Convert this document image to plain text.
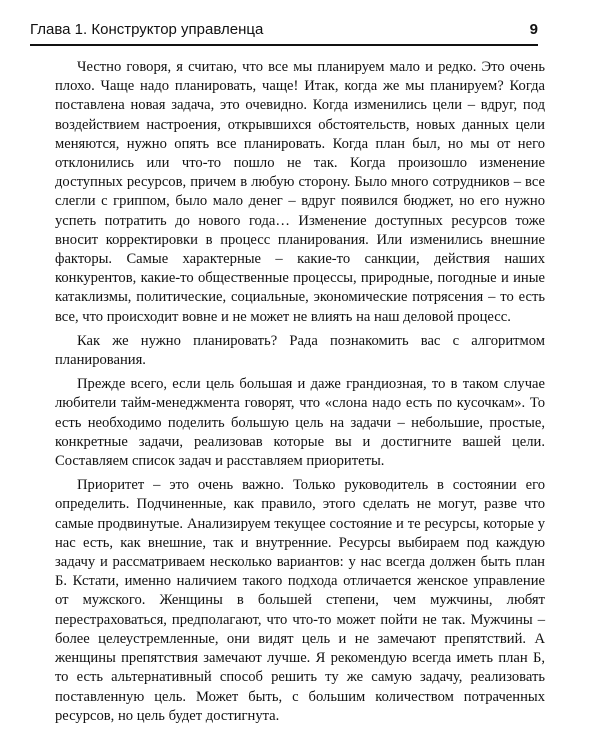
Глава 1. Конструктор управленца	9

Честно говоря, я считаю, что все мы планируем мало и редко. Это очень плохо. Чаще надо планировать, чаще! Итак, когда же мы планируем? Когда поставлена новая задача, это очевидно. Когда изменились цели – вдруг, под воздействием настроения, открывшихся обстоятельств, новых данных цели меняются, нужно опять все планировать. Когда план был, но мы от него отклонились или что-то пошло не так. Когда произошло изменение доступных ресурсов, причем в любую сторону. Было много сотрудников – все слегли с гриппом, было мало денег – вдруг появился бюджет, но его нужно успеть потратить до нового года… Изменение доступных ресурсов тоже вносит корректировки в процесс планирования. Или изменились внешние факторы. Самые характерные – какие-то санкции, действия наших конкурентов, какие-то общественные процессы, природные, погодные и иные катаклизмы, политические, социальные, экономические потрясения – то есть все, что происходит вовне и не может не влиять на наш деловой процесс.

Как же нужно планировать? Рада познакомить вас с алгоритмом планирования.

Прежде всего, если цель большая и даже грандиозная, то в таком случае любители тайм-менеджмента говорят, что «слона надо есть по кусочкам». То есть необходимо поделить большую цель на задачи – небольшие, простые, конкретные задачи, реализовав которые вы и достигните вашей цели. Составляем список задач и расставляем приоритеты.

Приоритет – это очень важно. Только руководитель в состоянии его определить. Подчиненные, как правило, этого сделать не могут, разве что самые продвинутые. Анализируем текущее состояние и те ресурсы, которые у нас есть, как внешние, так и внутренние. Ресурсы выбираем под каждую задачу и рассматриваем несколько вариантов: у нас всегда должен быть план Б. Кстати, именно наличием такого подхода отличается женское управление от мужского. Женщины в большей степени, чем мужчины, любят перестраховаться, предполагают, что что-то может пойти не так. Мужчины – более целеустремленные, они видят цель и не замечают препятствий. А женщины препятствия замечают лучше. Я рекомендую всегда иметь план Б, то есть альтернативный способ решить ту же самую задачу, реализовать поставленную цель. Может быть, с большим количеством потраченных ресурсов, но цель будет достигнута.
